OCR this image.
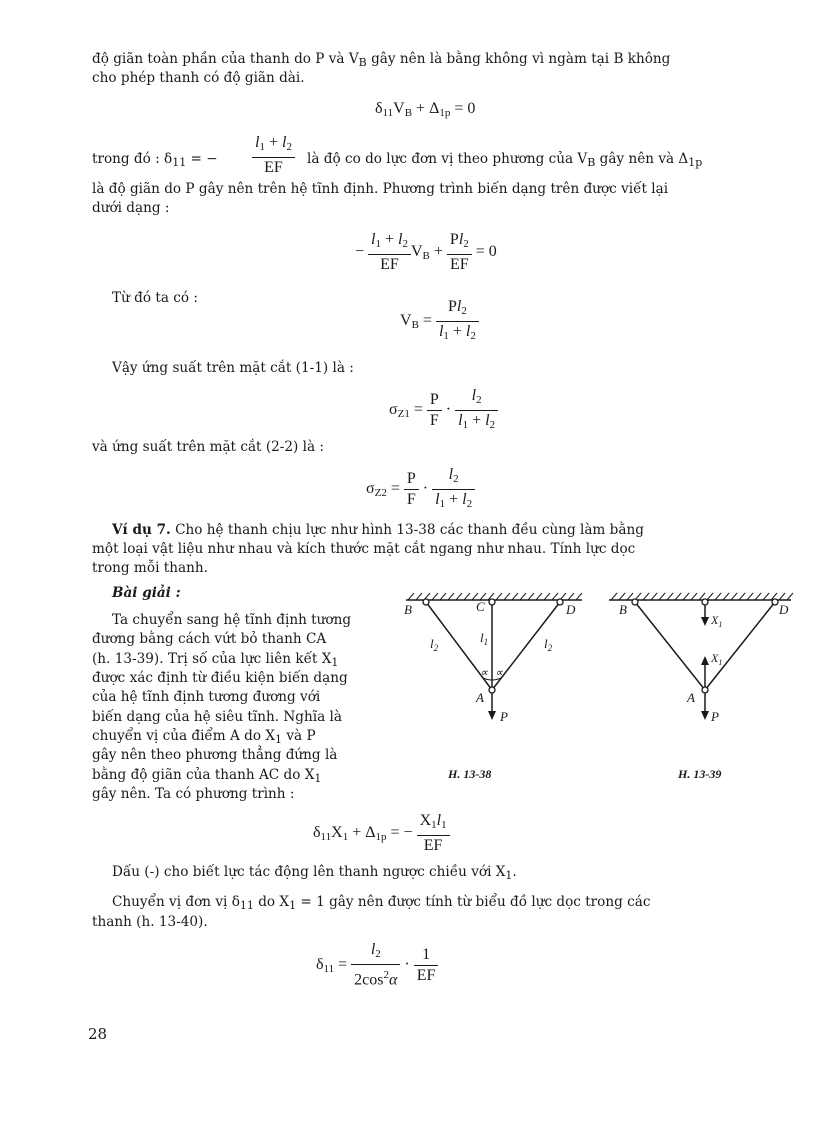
độ giãn toàn phần của thanh do P và $V_B$ gây nên là bằng không vì ngàm tại B không
cho phép thanh có độ giãn dài.
$\delta_{11}V_B + \Delta_{1p} = 0$
trong đó : $\delta_{11}$ = − $\frac{l_1 + l_2}{EF}$ là độ co do lực đơn vị theo phương của $V_B$ gây nên và $\Delta_{1p}$
là độ giãn do P gây nên trên hệ tĩnh định. Phương trình biến dạng trên được viết lại
dưới dạng :
− $\frac{l_1 + l_2}{EF} V_B + \frac{Pl_2}{EF} = 0$
Từ đó ta có :
$V_B = \frac{Pl_2}{l_1 + l_2}$
Vậy ứng suất trên mặt cắt (1-1) là :
$\sigma_{Z1} = \frac{P}{F} \cdot \frac{l_2}{l_1 + l_2}$
và ứng suất trên mặt cắt (2-2) là :
$\sigma_{Z2} = \frac{P}{F} \cdot \frac{l_2}{l_1 + l_2}$
Ví dụ 7. Cho hệ thanh chịu lực như hình 13-38 các thanh đều cùng làm bằng
một loại vật liệu như nhau và kích thước mặt cắt ngang như nhau. Tính lực dọc
trong mỗi thanh.
Bài giải :
Ta chuyển sang hệ tĩnh định tương
đương bằng cách vứt bỏ thanh CA
(h. 13-39). Trị số của lực liên kết $X_1$
được xác định từ điều kiện biến dạng
của hệ tĩnh định tương đương với
biến dạng của hệ siêu tĩnh. Nghĩa là
chuyển vị của điểm A do $X_1$ và P
gây nên theo phương thẳng đứng là
bằng độ giãn của thanh AC do $X_1$
gây nên. Ta có phương trình :
B	C	D
A
P
$l_2$
$l_1$	$l_2$
∝ ∝
H. 13-38
B	D
A
P
$X_1$
$X_1$
H. 13-39
$\delta_{11}X_1 + \Delta_{1p}$ = − $\frac{X_1l_1}{EF}$
Dấu (-) cho biết lực tác động lên thanh ngược chiều với $X_1$.
Chuyển vị đơn vị $\delta_{11}$ do $X_1 = 1$ gây nên được tính từ biểu đồ lực dọc trong các
thanh (h. 13-40).
$\delta_{11} = \frac{l_2}{2\cos^2\alpha} \cdot \frac{1}{EF}$
28
